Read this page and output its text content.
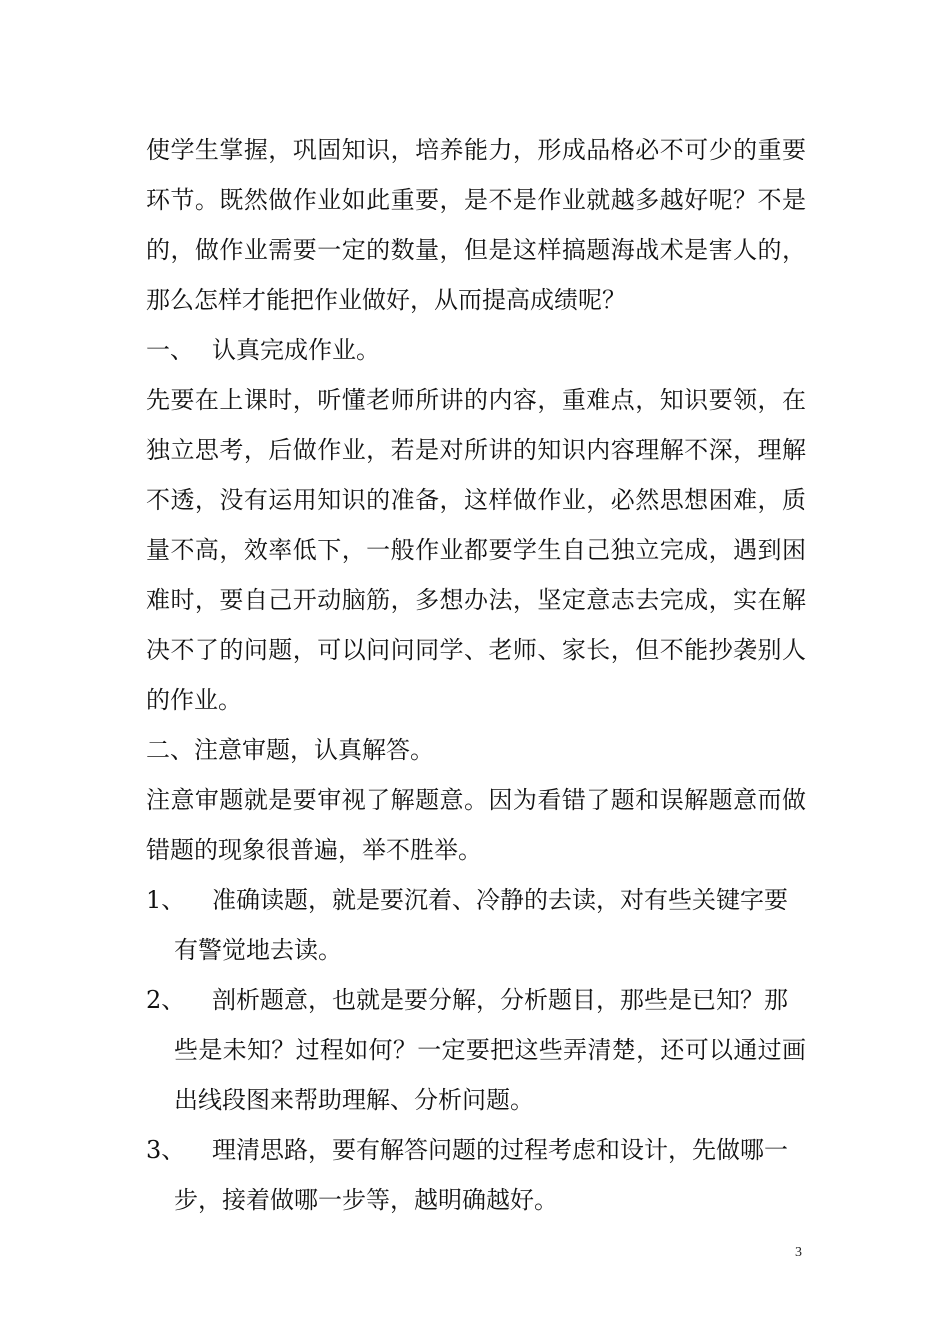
使学生掌握，巩固知识，培养能力，形成品格必不可少的重要环节。既然做作业如此重要，是不是作业就越多越好呢？不是的，做作业需要一定的数量，但是这样搞题海战术是害人的，那么怎样才能把作业做好，从而提高成绩呢？

一、 认真完成作业。

先要在上课时，听懂老师所讲的内容，重难点，知识要领，在独立思考，后做作业，若是对所讲的知识内容理解不深，理解不透，没有运用知识的准备，这样做作业，必然思想困难，质量不高，效率低下，一般作业都要学生自己独立完成，遇到困难时，要自己开动脑筋，多想办法，坚定意志去完成，实在解决不了的问题，可以问问同学、老师、家长，但不能抄袭别人的作业。

二、注意审题，认真解答。

注意审题就是要审视了解题意。因为看错了题和误解题意而做错题的现象很普遍，举不胜举。

1、 准确读题，就是要沉着、冷静的去读，对有些关键字要
有警觉地去读。
2、 剖析题意，也就是要分解，分析题目，那些是已知？那
些是未知？过程如何？一定要把这些弄清楚，还可以通过画出线段图来帮助理解、分析问题。
3、 理清思路，要有解答问题的过程考虑和设计，先做哪一
步，接着做哪一步等，越明确越好。
3
